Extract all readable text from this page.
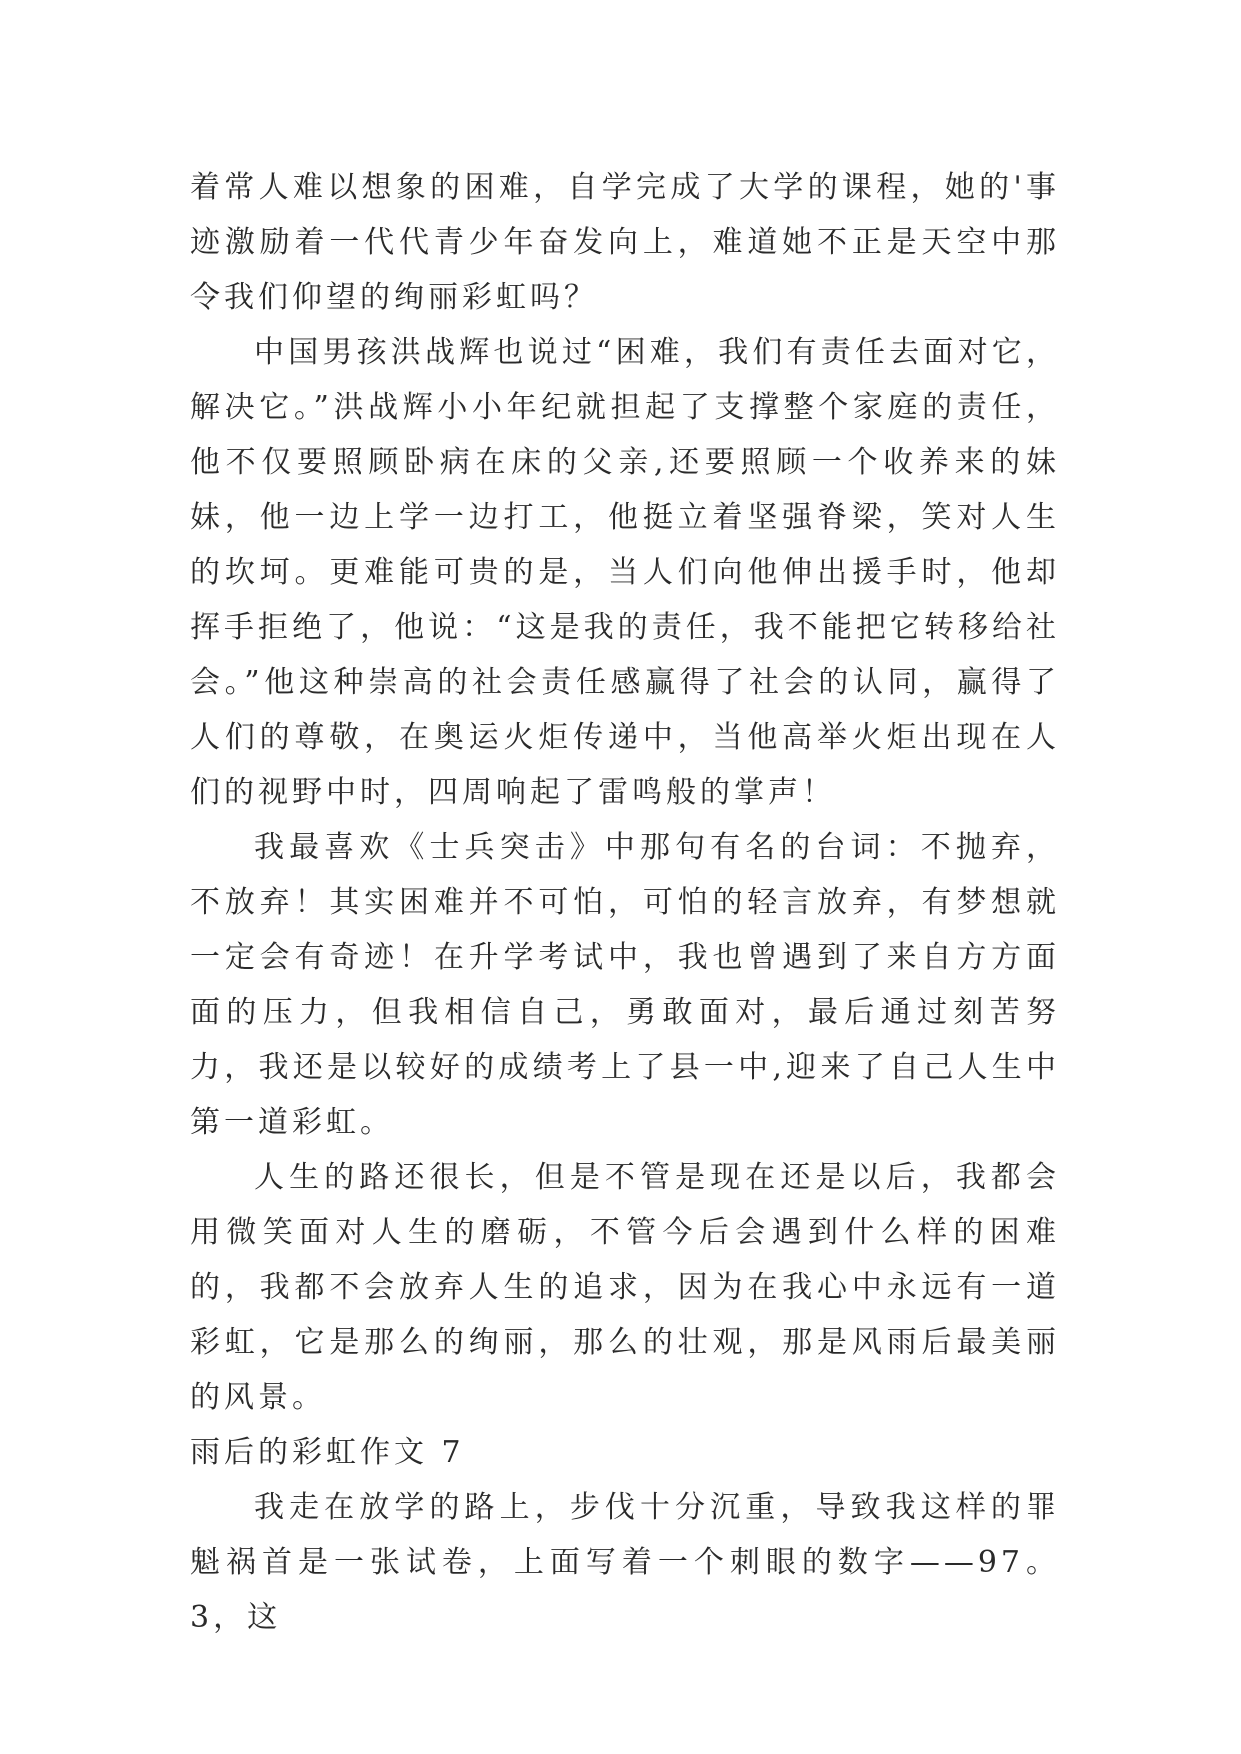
着常人难以想象的困难，自学完成了大学的课程，她的'事迹激励着一代代青少年奋发向上，难道她不正是天空中那令我们仰望的绚丽彩虹吗？

中国男孩洪战辉也说过“困难，我们有责任去面对它，解决它。”洪战辉小小年纪就担起了支撑整个家庭的责任，他不仅要照顾卧病在床的父亲,还要照顾一个收养来的妹妹，他一边上学一边打工，他挺立着坚强脊梁，笑对人生的坎坷。更难能可贵的是，当人们向他伸出援手时，他却挥手拒绝了，他说：“这是我的责任，我不能把它转移给社会。”他这种崇高的社会责任感赢得了社会的认同，赢得了人们的尊敬，在奥运火炬传递中，当他高举火炬出现在人们的视野中时，四周响起了雷鸣般的掌声！

我最喜欢《士兵突击》中那句有名的台词：不抛弃，不放弃！其实困难并不可怕，可怕的轻言放弃，有梦想就一定会有奇迹！在升学考试中，我也曾遇到了来自方方面面的压力，但我相信自己，勇敢面对，最后通过刻苦努力，我还是以较好的成绩考上了县一中,迎来了自己人生中第一道彩虹。

人生的路还很长，但是不管是现在还是以后，我都会用微笑面对人生的磨砺，不管今后会遇到什么样的困难的，我都不会放弃人生的追求，因为在我心中永远有一道彩虹，它是那么的绚丽，那么的壮观，那是风雨后最美丽的风景。

雨后的彩虹作文 7

我走在放学的路上，步伐十分沉重，导致我这样的罪魁祸首是一张试卷，上面写着一个刺眼的数字——97。3，这
